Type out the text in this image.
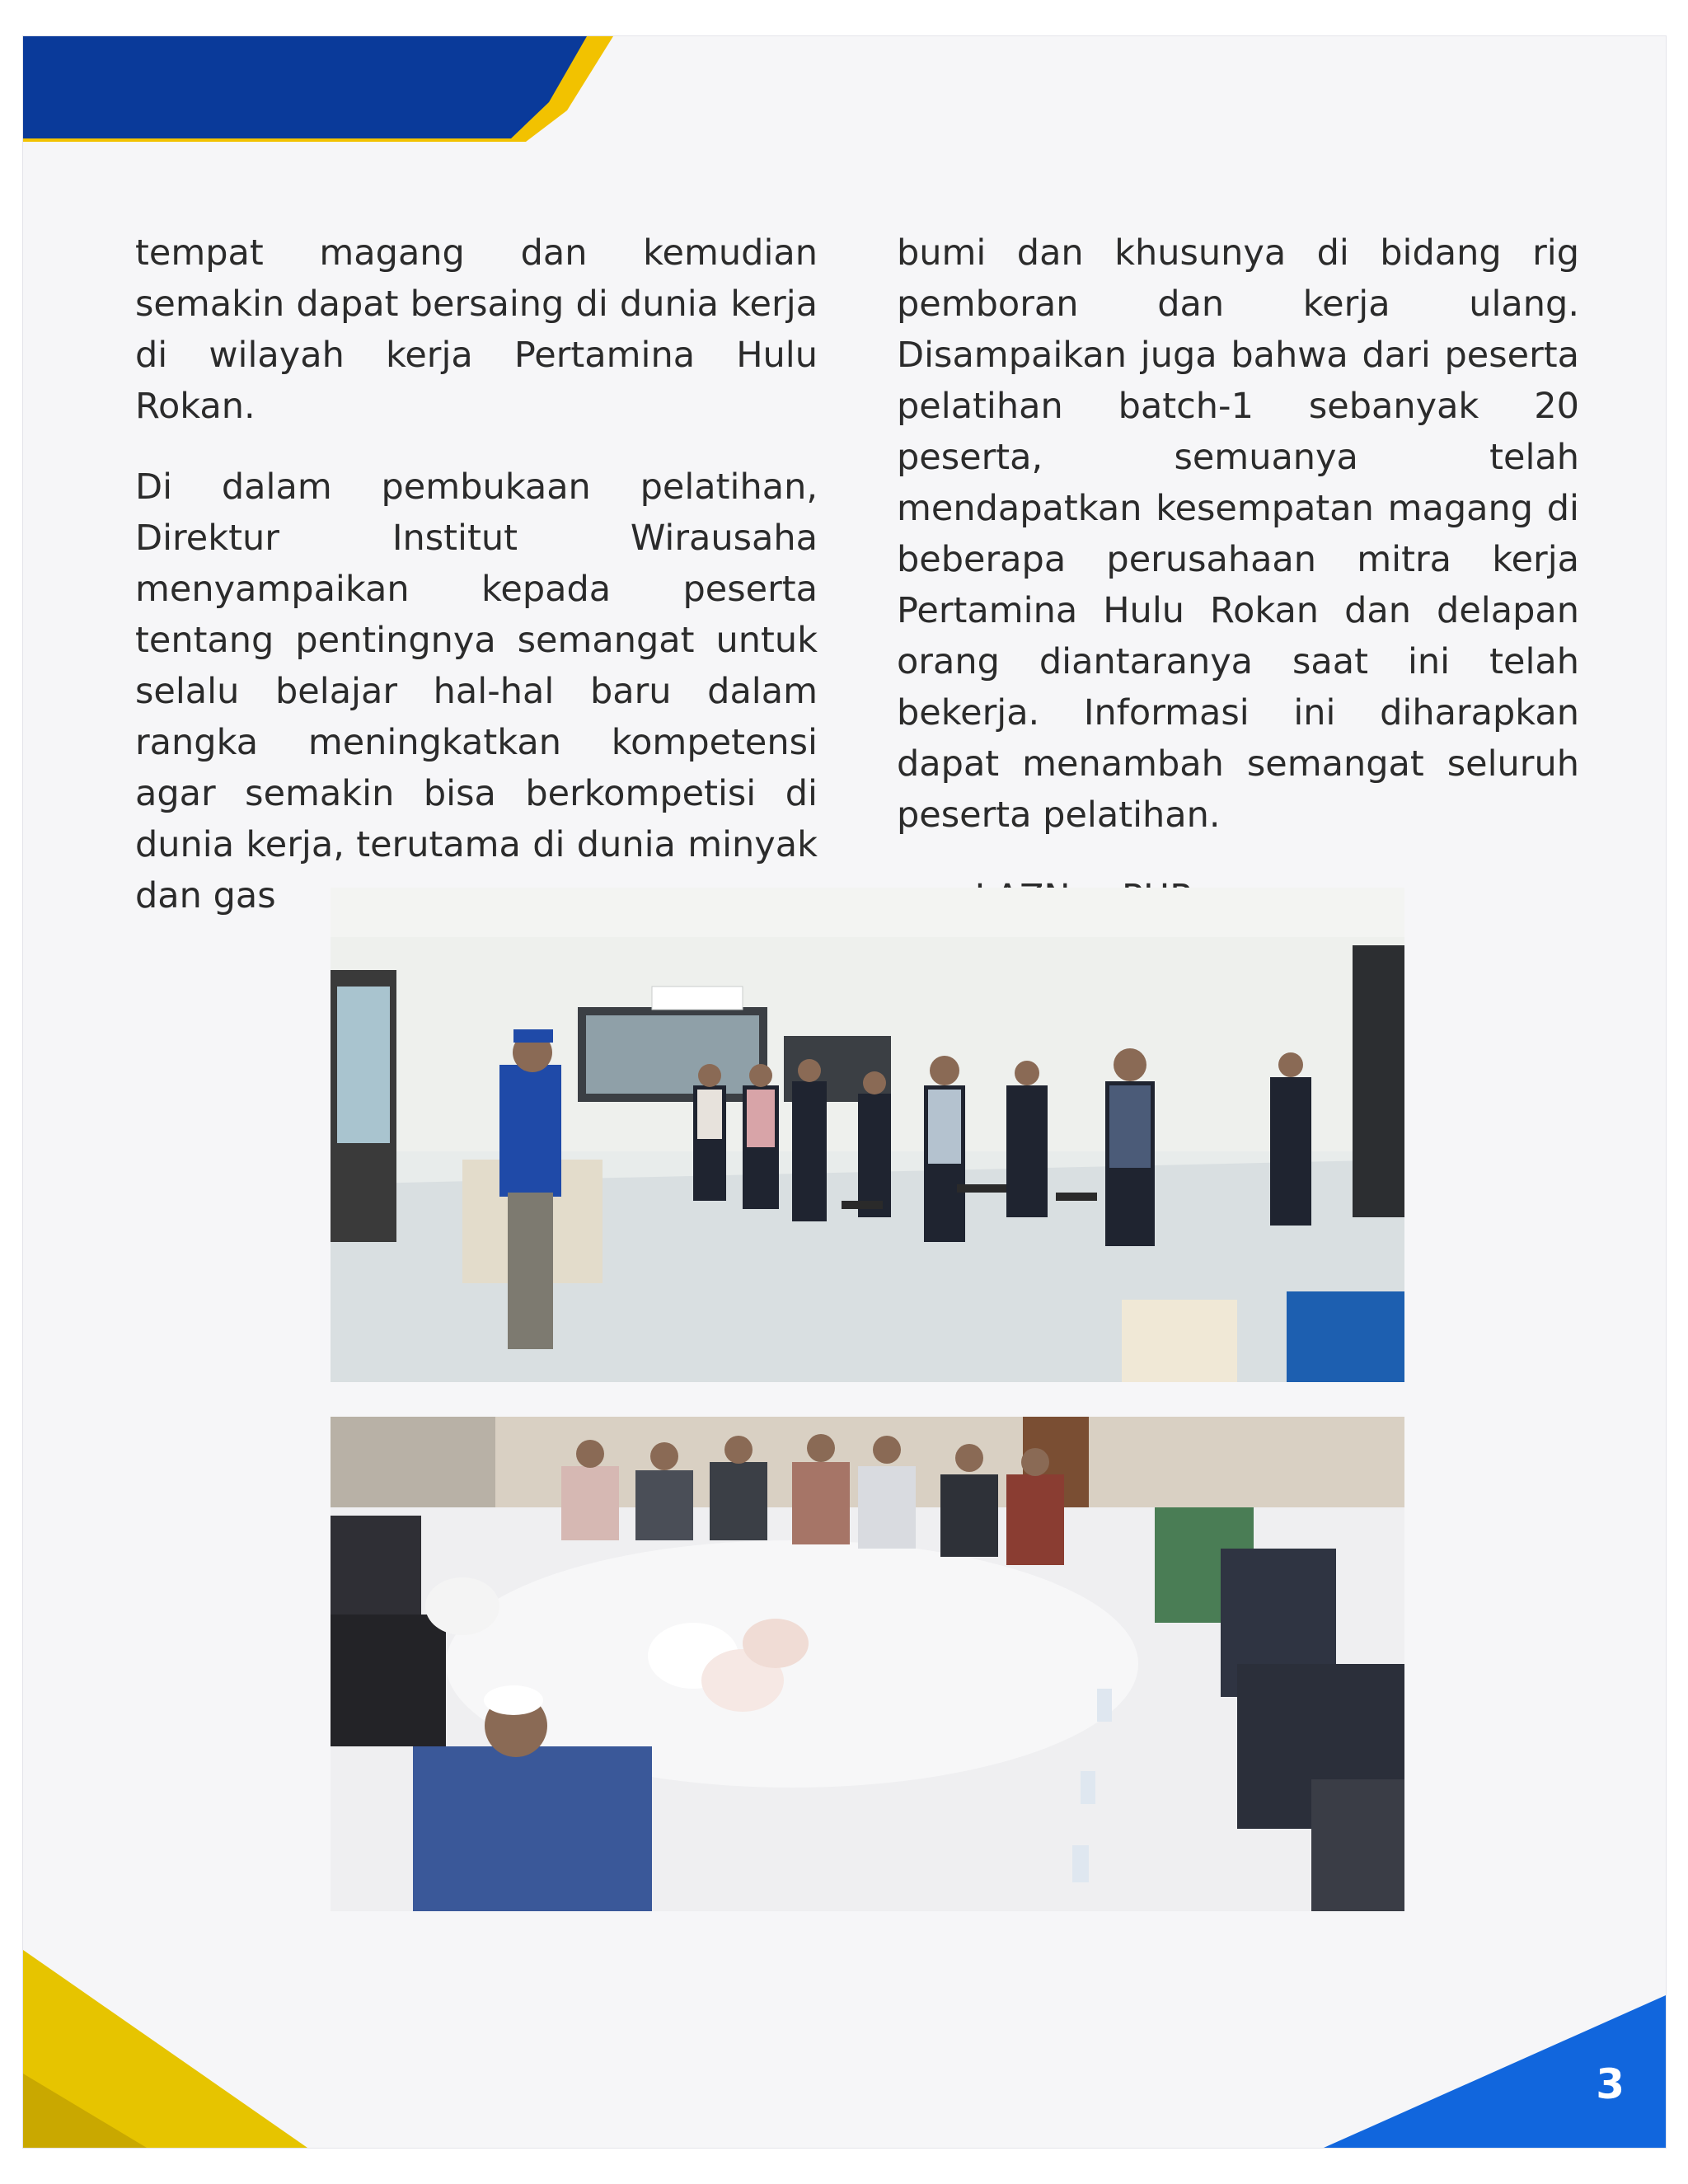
tempat magang dan kemudian semakin dapat bersaing di dunia kerja di wilayah kerja Pertamina Hulu Rokan.

Di dalam pembukaan pelatihan, Direktur Institut Wirausaha menyampaikan kepada peserta tentang pentingnya semangat untuk selalu belajar hal-hal baru dalam rangka meningkatkan kompetensi agar semakin bisa berkompetisi di dunia kerja, terutama di dunia minyak dan gas

bumi dan khusunya di bidang rig pemboran dan kerja ulang. Disampaikan juga bahwa dari peserta pelatihan batch-1 sebanyak 20 peserta, semuanya telah mendapatkan kesempatan magang di beberapa perusahaan mitra kerja Pertamina Hulu Rokan dan delapan orang diantaranya saat ini telah bekerja. Informasi ini diharapkan dapat menambah semangat seluruh peserta pelatihan.

3
